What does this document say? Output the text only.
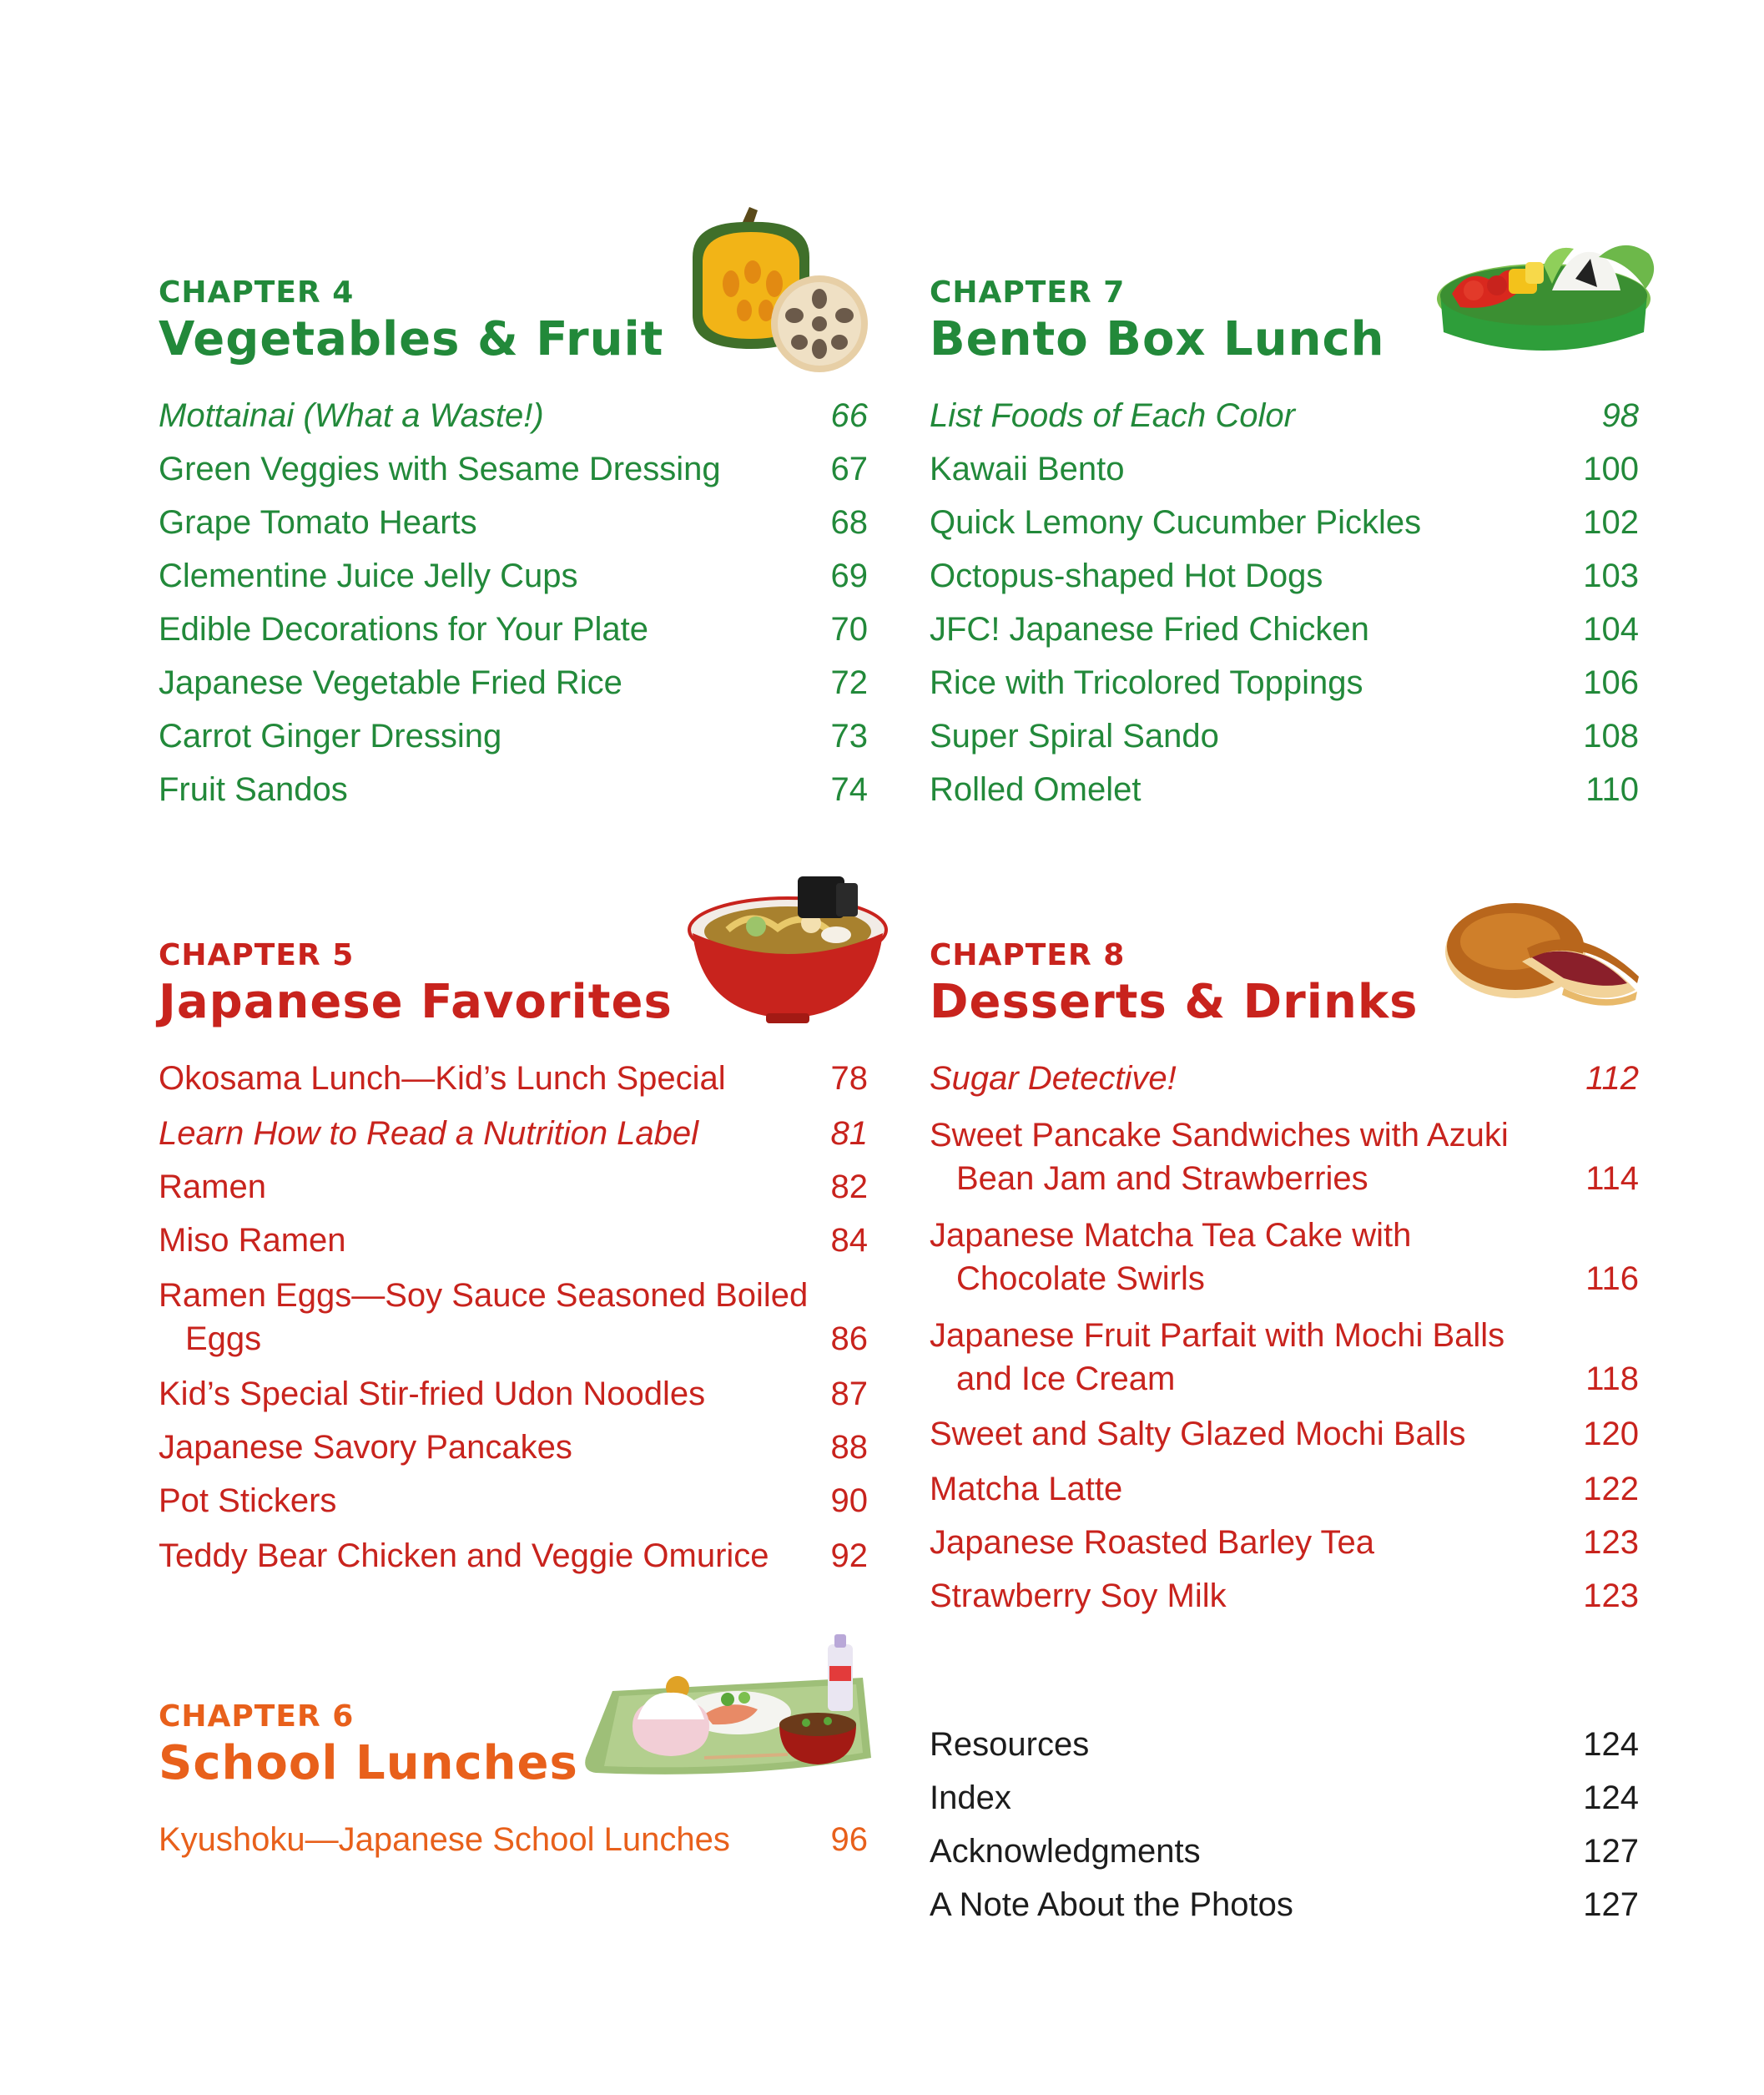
CHAPTER 4
Vegetables & Fruit
Mottainai (What a Waste!)	66
Green Veggies with Sesame Dressing	67
Grape Tomato Hearts	68
Clementine Juice Jelly Cups	69
Edible Decorations for Your Plate	70
Japanese Vegetable Fried Rice	72
Carrot Ginger Dressing	73
Fruit Sandos	74
CHAPTER 7
Bento Box Lunch
List Foods of Each Color	98
Kawaii Bento	100
Quick Lemony Cucumber Pickles	102
Octopus-shaped Hot Dogs	103
JFC! Japanese Fried Chicken	104
Rice with Tricolored Toppings	106
Super Spiral Sando	108
Rolled Omelet	110
CHAPTER 5
Japanese Favorites
Okosama Lunch—Kid’s Lunch Special	78
Learn How to Read a Nutrition Label	81
Ramen	82
Miso Ramen	84
Ramen Eggs—Soy Sauce Seasoned Boiled Eggs	86
Kid’s Special Stir-fried Udon Noodles	87
Japanese Savory Pancakes	88
Pot Stickers	90
Teddy Bear Chicken and Veggie Omurice	92
CHAPTER 8
Desserts & Drinks
Sugar Detective!	112
Sweet Pancake Sandwiches with Azuki Bean Jam and Strawberries	114
Japanese Matcha Tea Cake with Chocolate Swirls	116
Japanese Fruit Parfait with Mochi Balls and Ice Cream	118
Sweet and Salty Glazed Mochi Balls	120
Matcha Latte	122
Japanese Roasted Barley Tea	123
Strawberry Soy Milk	123
CHAPTER 6
School Lunches
Kyushoku—Japanese School Lunches	96
Resources	124
Index	124
Acknowledgments	127
A Note About the Photos	127
